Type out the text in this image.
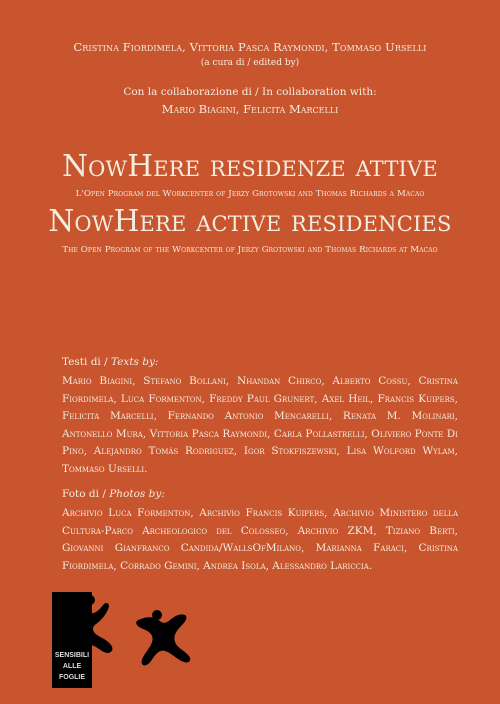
Cristina Fiordimela, Vittoria Pasca Raymondi, Tommaso Urselli
(a cura di / edited by)
Con la collaborazione di / In collaboration with:
Mario Biagini, Felicita Marcelli
NowHere residenze attive
L'Open Program del Workcenter of Jerzy Grotowski and Thomas Richards a Macao
NowHere active residencies
The Open Program of the Workcenter of Jerzy Grotowski and Thomas Richards at Macao
Testi di / Texts by:
Mario Biagini, Stefano Bollani, Nhandan Chirco, Alberto Cossu, Cristina Fiordimela, Luca Formenton, Freddy Paul Grunert, Axel Heil, Francis Kuipers, Felicita Marcelli, Fernando Antonio Mencarelli, Renata M. Molinari, Antonello Mura, Vittoria Pasca Raymondi, Carla Pollastrelli, Oliviero Ponte Di Pino, Alejandro Tomás Rodriguez, Igor Stokfiszewski, Lisa Wolford Wylam, Tommaso Urselli.
Foto di / Photos by:
Archivio Luca Formenton, Archivio Francis Kuipers, Archivio Ministero della Cultura-Parco Archeologico del Colosseo, Archivio ZKM, Tiziano Berti, Giovanni Gianfranco Candida/WallsOfMilano, Marianna Faraci, Cristina Fiordimela, Corrado Gemini, Andrea Isola, Alessandro Lariccia.
SENSIBILI
ALLE
FOGLIE
